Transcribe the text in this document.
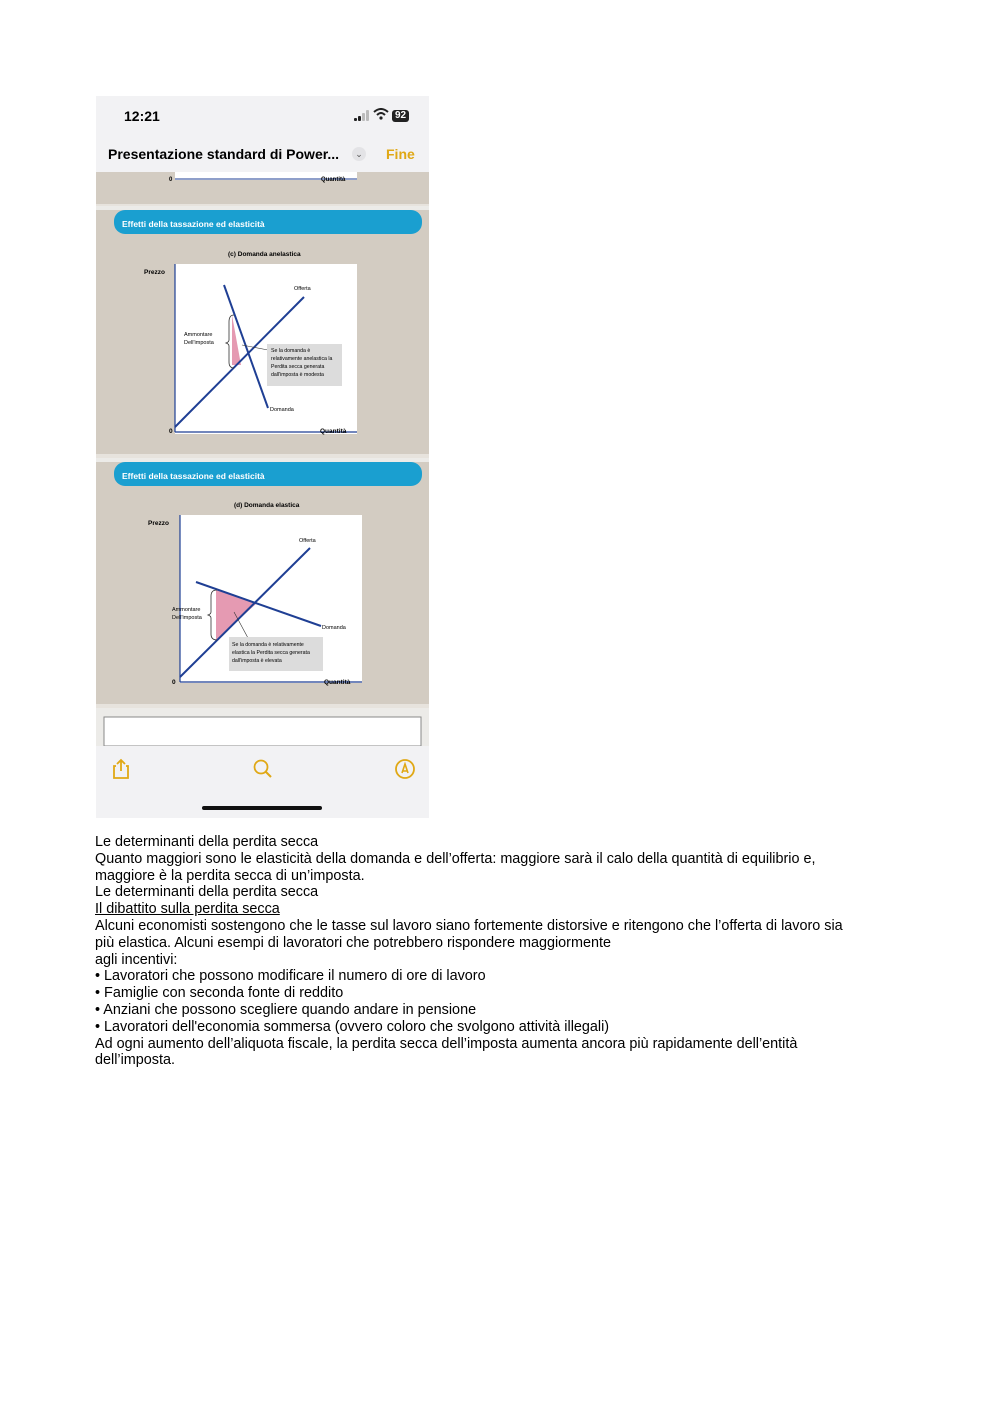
12:21	92
Presentazione standard di Power...	⌄ Fine
0	Quantità
Effetti della tassazione ed elasticità
(c) Domanda anelastica
Prezzo
Offerta
Domanda
Ammontare
Dell'imposta
Se la domanda è
relativamente anelastica la
Perdita secca generata
dall'imposta è modesta
0	Quantità
Effetti della tassazione ed elasticità
(d) Domanda elastica
Prezzo
Offerta
Domanda
Ammontare
Dell'imposta
Se la domanda è relativamente
elastica la Perdita secca generata
dall'imposta è elevata
0	Quantità
Le determinanti della perdita secca
Quanto maggiori sono le elasticità della domanda e dell’offerta: maggiore sarà il calo della quantità di equilibrio e,
maggiore è la perdita secca di un’imposta.
Le determinanti della perdita secca
Il dibattito sulla perdita secca
Alcuni economisti sostengono che le tasse sul lavoro siano fortemente distorsive e ritengono che l’offerta di lavoro sia
più elastica. Alcuni esempi di lavoratori che potrebbero rispondere maggiormente
agli incentivi:
• Lavoratori che possono modificare il numero di ore di lavoro
• Famiglie con seconda fonte di reddito
• Anziani che possono scegliere quando andare in pensione
• Lavoratori dell'economia sommersa (ovvero coloro che svolgono attività illegali)
Ad ogni aumento dell’aliquota fiscale, la perdita secca dell’imposta aumenta ancora più rapidamente dell’entità
dell’imposta.
